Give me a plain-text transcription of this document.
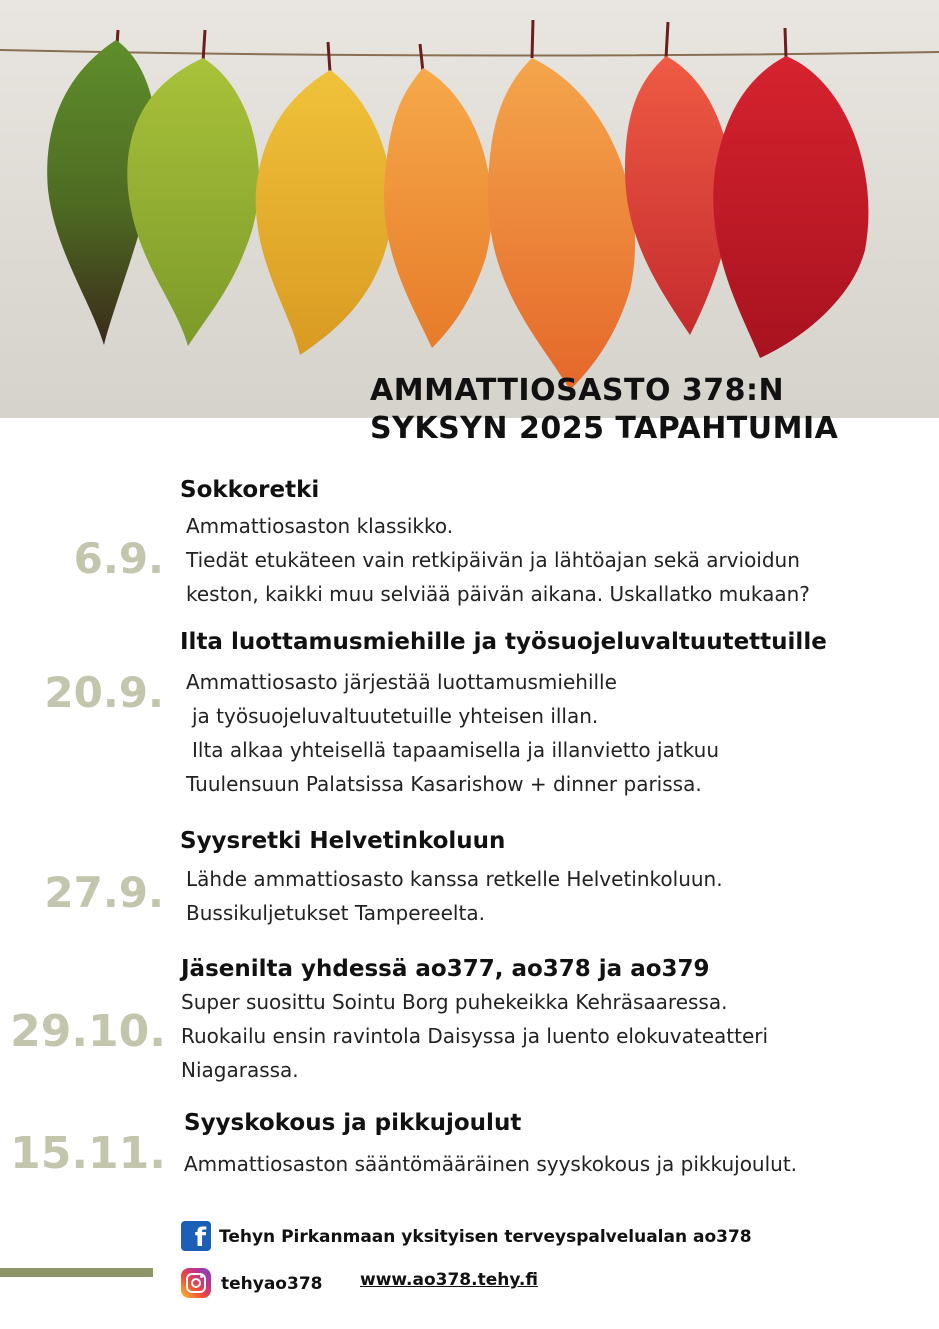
AMMATTIOSASTO 378:N
SYKSYN 2025 TAPAHTUMIA
6.9.
Sokkoretki
Ammattiosaston klassikko.
Tiedät etukäteen vain retkipäivän ja lähtöajan sekä arvioidun
keston, kaikki muu selviää päivän aikana. Uskallatko mukaan?
20.9.
Ilta luottamusmiehille ja työsuojeluvaltuutettuille
Ammattiosasto järjestää luottamusmiehille
ja työsuojeluvaltuutetuille yhteisen illan.
Ilta alkaa yhteisellä tapaamisella ja illanvietto jatkuu
Tuulensuun Palatsissa Kasarishow + dinner parissa.
27.9.
Syysretki Helvetinkoluun
Lähde ammattiosasto kanssa retkelle Helvetinkoluun.
Bussikuljetukset Tampereelta.
29.10.
Jäsenilta yhdessä ao377, ao378 ja ao379
Super suosittu Sointu Borg puhekeikka Kehräsaaressa.
Ruokailu ensin ravintola Daisyssa ja luento elokuvateatteri
Niagarassa.
15.11.
Syyskokous ja pikkujoulut
Ammattiosaston sääntömääräinen syyskokous ja pikkujoulut.
f Tehyn Pirkanmaan yksityisen terveyspalvelualan ao378
tehyao378 www.ao378.tehy.fi
